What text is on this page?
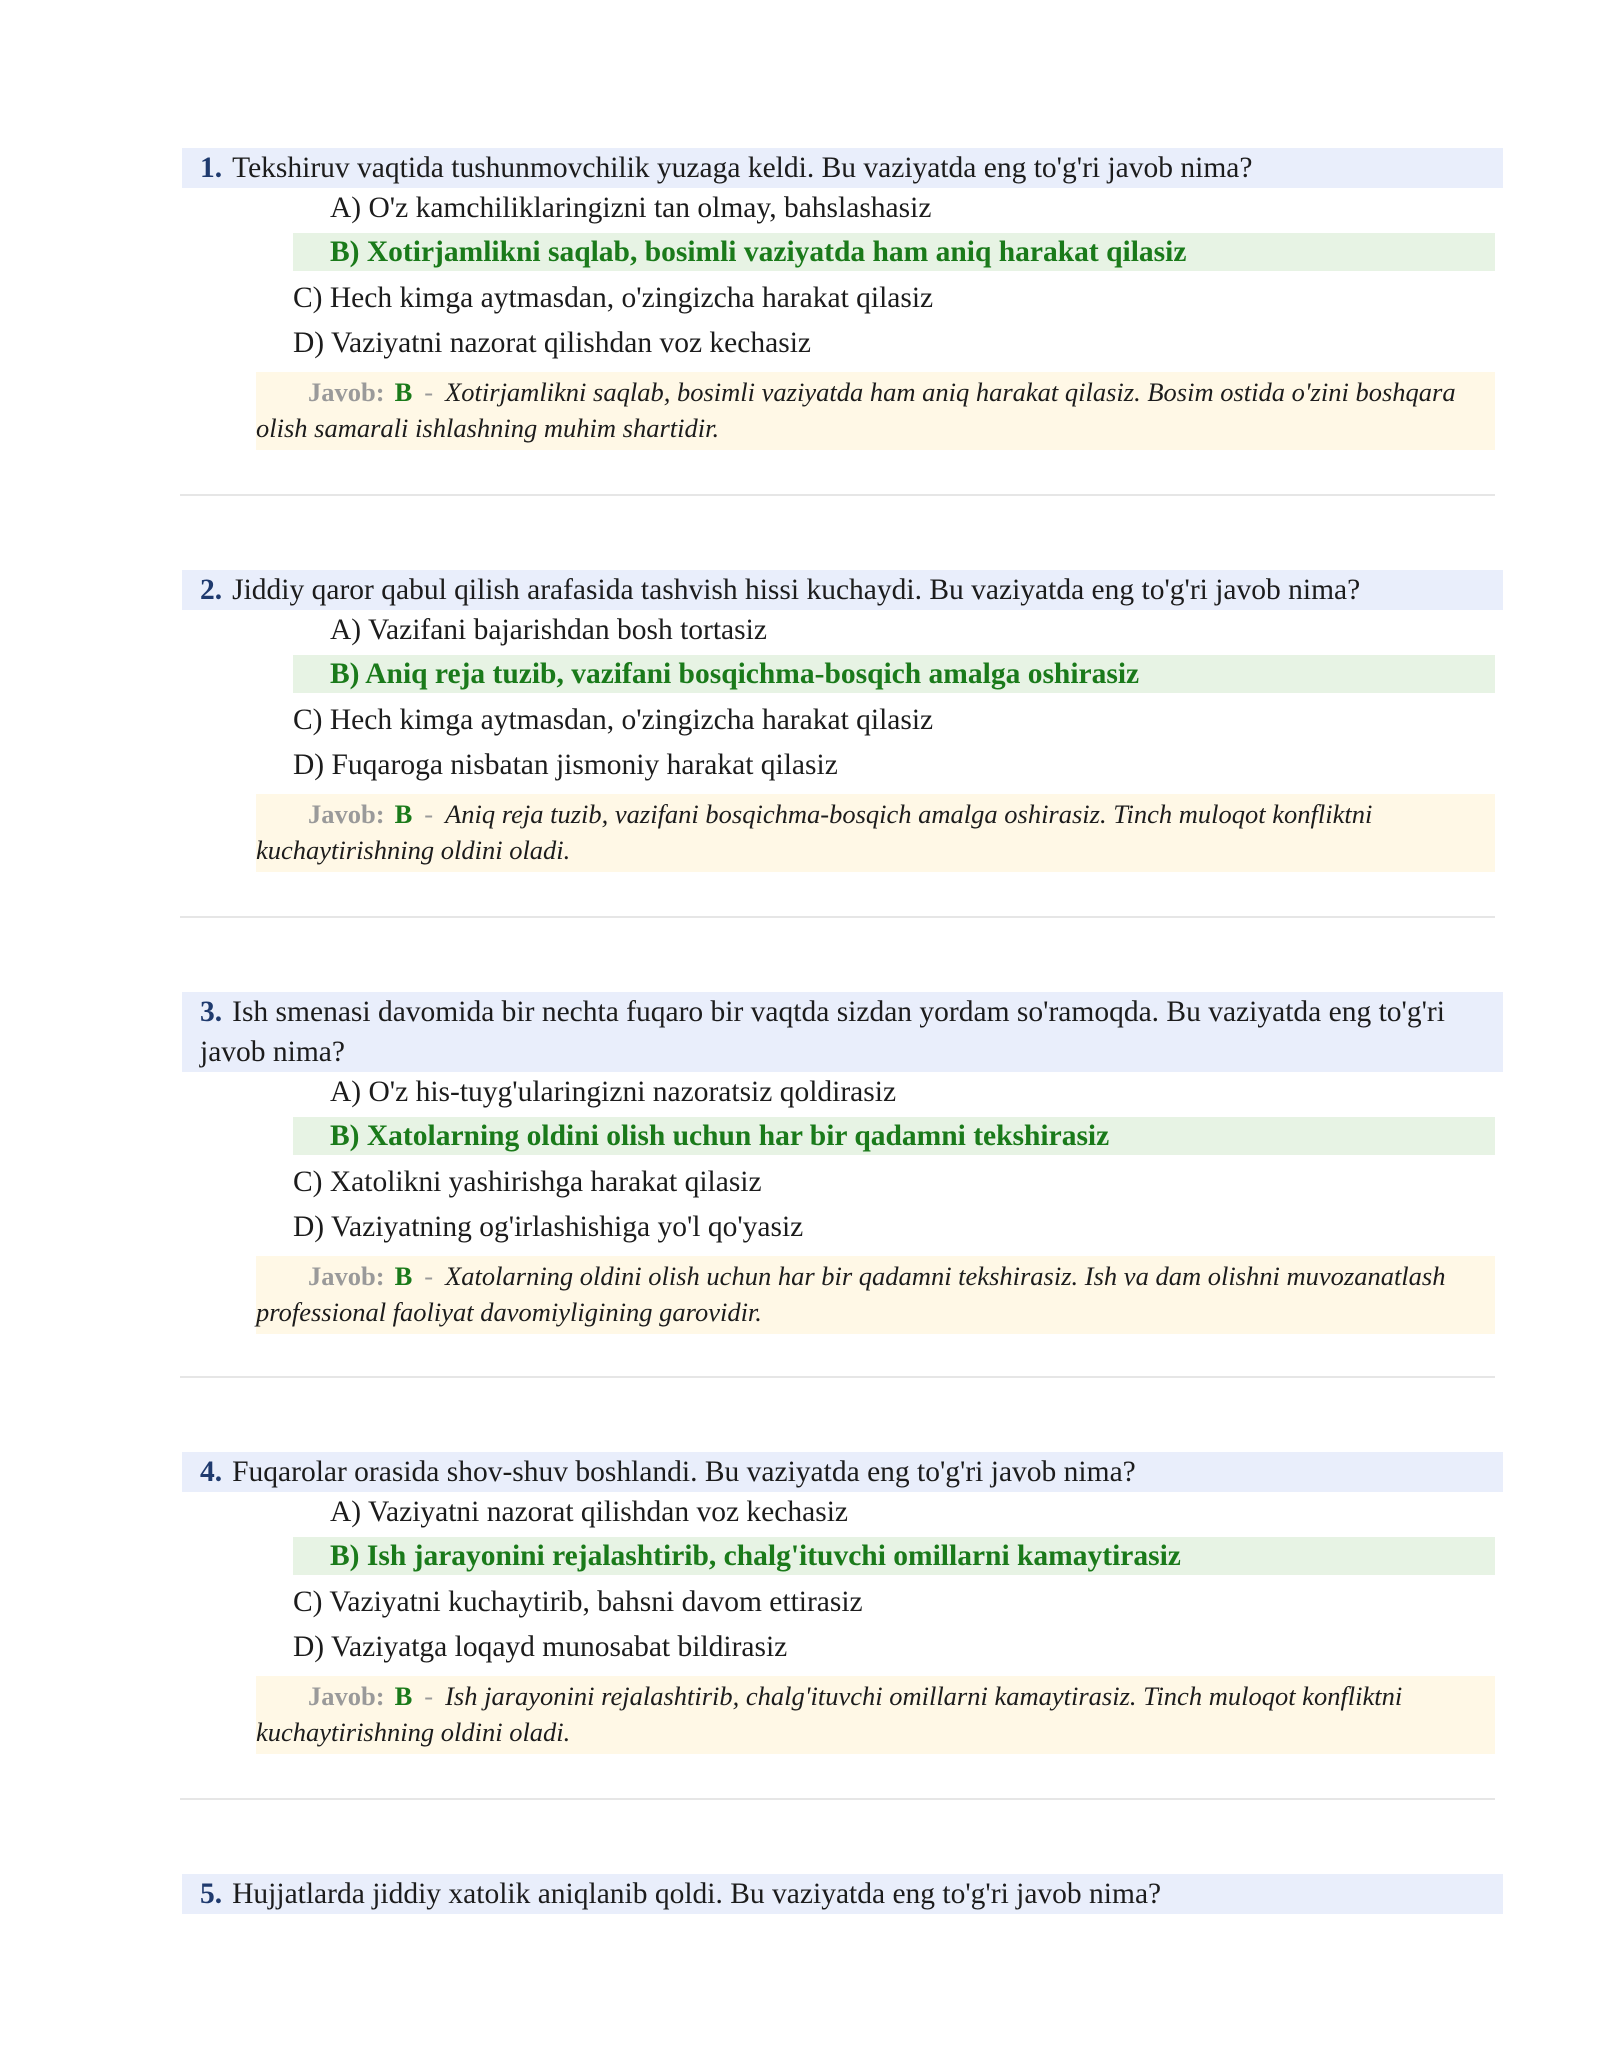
1. Tekshiruv vaqtida tushunmovchilik yuzaga keldi. Bu vaziyatda eng to'g'ri javob nima?
A) O'z kamchiliklaringizni tan olmay, bahslashasiz
B) Xotirjamlikni saqlab, bosimli vaziyatda ham aniq harakat qilasiz
C) Hech kimga aytmasdan, o'zingizcha harakat qilasiz
D) Vaziyatni nazorat qilishdan voz kechasiz
Javob: B - Xotirjamlikni saqlab, bosimli vaziyatda ham aniq harakat qilasiz. Bosim ostida o'zini boshqara olish samarali ishlashning muhim shartidir.
2. Jiddiy qaror qabul qilish arafasida tashvish hissi kuchaydi. Bu vaziyatda eng to'g'ri javob nima?
A) Vazifani bajarishdan bosh tortasiz
B) Aniq reja tuzib, vazifani bosqichma-bosqich amalga oshirasiz
C) Hech kimga aytmasdan, o'zingizcha harakat qilasiz
D) Fuqaroga nisbatan jismoniy harakat qilasiz
Javob: B - Aniq reja tuzib, vazifani bosqichma-bosqich amalga oshirasiz. Tinch muloqot konfliktni kuchaytirishning oldini oladi.
3. Ish smenasi davomida bir nechta fuqaro bir vaqtda sizdan yordam so'ramoqda. Bu vaziyatda eng to'g'ri javob nima?
A) O'z his-tuyg'ularingizni nazoratsiz qoldirasiz
B) Xatolarning oldini olish uchun har bir qadamni tekshirasiz
C) Xatolikni yashirishga harakat qilasiz
D) Vaziyatning og'irlashishiga yo'l qo'yasiz
Javob: B - Xatolarning oldini olish uchun har bir qadamni tekshirasiz. Ish va dam olishni muvozanatlash professional faoliyat davomiyligining garovidir.
4. Fuqarolar orasida shov-shuv boshlandi. Bu vaziyatda eng to'g'ri javob nima?
A) Vaziyatni nazorat qilishdan voz kechasiz
B) Ish jarayonini rejalashtirib, chalg'ituvchi omillarni kamaytirasiz
C) Vaziyatni kuchaytirib, bahsni davom ettirasiz
D) Vaziyatga loqayd munosabat bildirasiz
Javob: B - Ish jarayonini rejalashtirib, chalg'ituvchi omillarni kamaytirasiz. Tinch muloqot konfliktni kuchaytirishning oldini oladi.
5. Hujjatlarda jiddiy xatolik aniqlanib qoldi. Bu vaziyatda eng to'g'ri javob nima?
